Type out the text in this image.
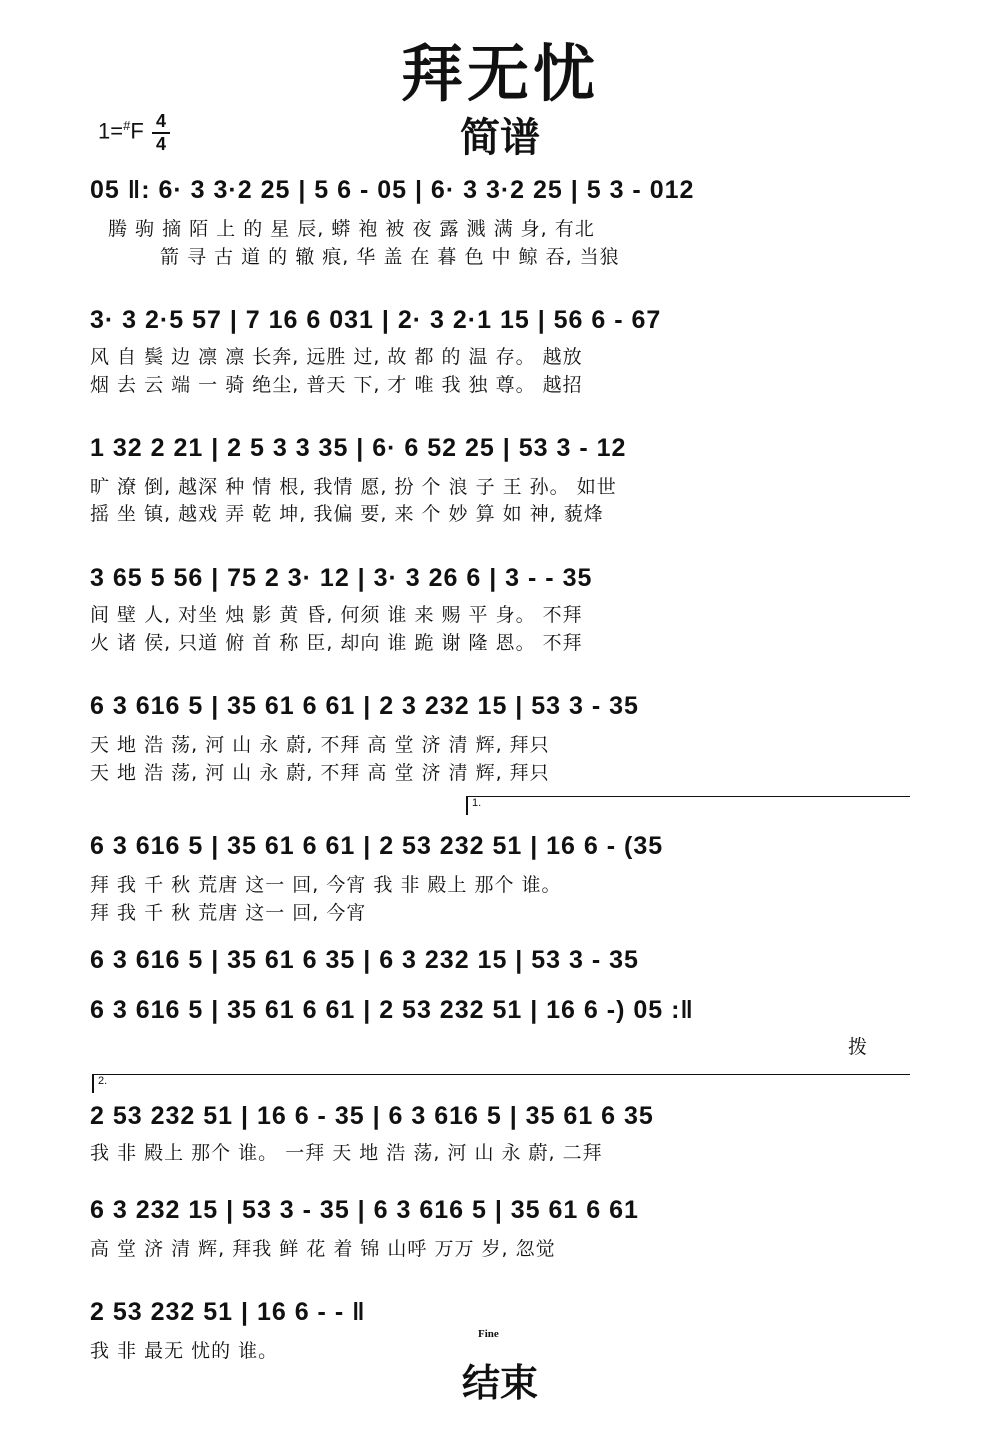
拜无忧
简谱
1=#F 4
4
05 ‖: 6· 3 3·2 25 | 5 6 - 05 | 6· 3 3·2 25 | 5 3 - 012
腾 驹 摘 陌 上 的 星 辰, 蟒 袍 被 夜 露 溅 满 身, 有北
箭 寻 古 道 的 辙 痕, 华 盖 在 暮 色 中 鲸 吞, 当狼
3· 3 2·5 57 | 7 16 6 031 | 2· 3 2·1 15 | 56 6 - 67
风 自 鬓 边 凛 凛 长奔, 远胜 过, 故 都 的 温 存。 越放
烟 去 云 端 一 骑 绝尘, 普天 下, 才 唯 我 独 尊。 越招
1 32 2 21 | 2 5 3 3 35 | 6· 6 52 25 | 53 3 - 12
旷 潦 倒, 越深 种 情 根, 我情 愿, 扮 个 浪 子 王 孙。 如世
摇 坐 镇, 越戏 弄 乾 坤, 我偏 要, 来 个 妙 算 如 神, 藐烽
3 65 5 56 | 75 2 3· 12 | 3· 3 26 6 | 3 - - 35
间 壁 人, 对坐 烛 影 黄 昏, 何须 谁 来 赐 平 身。 不拜
火 诸 侯, 只道 俯 首 称 臣, 却向 谁 跪 谢 隆 恩。 不拜
6 3 616 5 | 35 61 6 61 | 2 3 232 15 | 53 3 - 35
天 地 浩 荡, 河 山 永 蔚, 不拜 高 堂 济 清 辉, 拜只
天 地 浩 荡, 河 山 永 蔚, 不拜 高 堂 济 清 辉, 拜只
1.
6 3 616 5 | 35 61 6 61 | 2 53 232 51 | 16 6 - (35
拜 我 千 秋 荒唐 这一 回, 今宵 我 非 殿上 那个 谁。
拜 我 千 秋 荒唐 这一 回, 今宵
6 3 616 5 | 35 61 6 35 | 6 3 232 15 | 53 3 - 35
6 3 616 5 | 35 61 6 61 | 2 53 232 51 | 16 6 -) 05 :‖
拨
2.
2 53 232 51 | 16 6 - 35 | 6 3 616 5 | 35 61 6 35
我 非 殿上 那个 谁。 一拜 天 地 浩 荡, 河 山 永 蔚, 二拜
6 3 232 15 | 53 3 - 35 | 6 3 616 5 | 35 61 6 61
高 堂 济 清 辉, 拜我 鲜 花 着 锦 山呼 万万 岁, 忽觉
2 53 232 51 | 16 6 - - ‖
我 非 最无 忧的 谁。
Fine
结束
